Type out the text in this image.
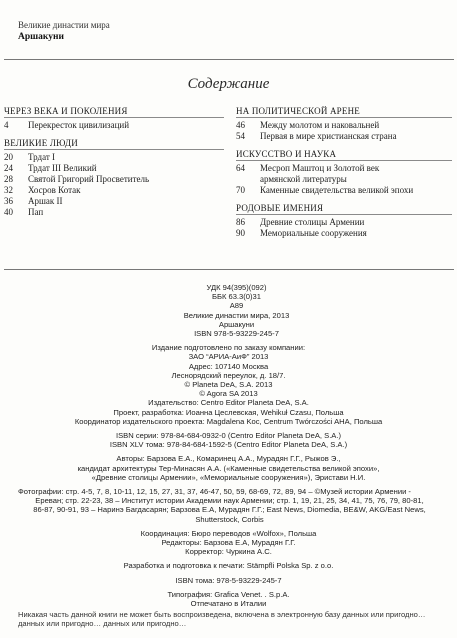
Великие династии мира
Аршакуни
Содержание
ЧЕРЕЗ ВЕКА И ПОКОЛЕНИЯ
4	Перекресток цивилизаций
ВЕЛИКИЕ ЛЮДИ
20	Трдат I
24	Трдат III Великий
28	Святой Григорий Просветитель
32	Хосров Котак
36	Аршак II
40	Пап
НА ПОЛИТИЧЕСКОЙ АРЕНЕ
46	Между молотом и наковальней
54	Первая в мире христианская страна
ИСКУССТВО И НАУКА
64	Месроп Маштоц и Золотой век
армянской литературы
70	Каменные свидетельства великой эпохи
РОДОВЫЕ ИМЕНИЯ
86	Древние столицы Армении
90	Мемориальные сооружения
УДК 94(395)(092)
ББК 63.3(0)31
А89
Великие династии мира, 2013
Аршакуни
ISBN 978-5-93229-245-7
Издание подготовлено по заказу компании:
ЗАО “АРИА-АиФ” 2013
Адрес: 107140 Москва
Леснорядский переулок, д. 18/7.
© Planeta DeA, S.A. 2013
© Agora SA 2013
Издательство: Centro Editor Planeta DeA, S.A.
Проект, разработка: Иоанна Цеслевская, Wehikuł Czasu, Польша
Координатор издательского проекта: Magdalena Koc, Centrum Twórczości AHA, Польша
ISBN серии: 978-84-684-0932-0 (Centro Editor Planeta DeA, S.A.)
ISBN XLV тома: 978-84-684-1592-5 (Centro Editor Planeta DeA, S.A.)
Авторы: Барзова Е.А., Комаринец А.А., Мурадян Г.Г., Рыжов Э.,
кандидат архитектуры Тер-Минасян А.А. («Каменные свидетельства великой эпохи»,
«Древние столицы Армении», «Мемориальные сооружения»), Эристави Н.И.
Фотографии: стр. 4-5, 7, 8, 10-11, 12, 15, 27, 31, 37, 46-47, 50, 59, 68-69, 72, 89, 94 – ©Музей истории Армении -
Ереван; стр. 22-23, 38 – Институт истории Академии наук Армении; стр. 1, 19, 21, 25, 34, 41, 75, 76, 79, 80-81,
86-87, 90-91, 93 – Наринэ Багдасарян; Барзова Е.А, Мурадян Г.Г.; East News, Diomedia, BE&W, AKG/East News,
Shutterstock, Corbis
Координация: Бюро переводов «Wolfox», Польша
Редакторы: Барзова Е.А, Мурадян Г.Г.
Корректор: Чуркина А.С.
Разработка и подготовка к печати: Stämpfli Polska Sp. z o.o.
ISBN тома: 978-5-93229-245-7
Типография: Grafica Venet. . S.p.A.
Отпечатано в Италии
Никакая часть данной книги не может быть воспроизведена, включена в электронную базу данных или пригодно… данных или пригодно… данных или пригодно…
